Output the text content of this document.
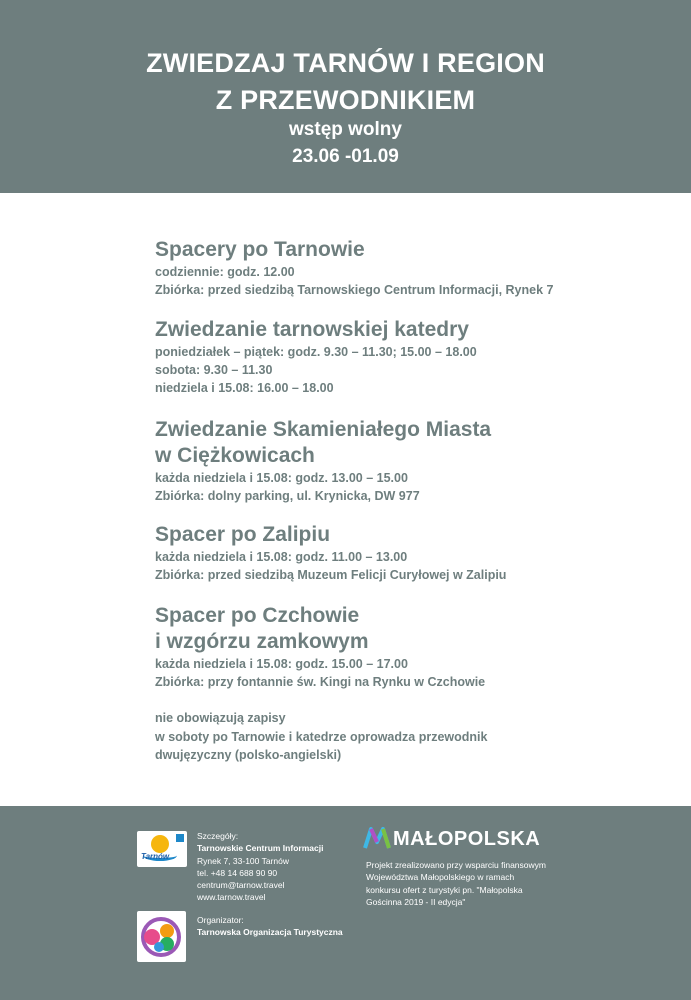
ZWIEDZAJ TARNÓW I REGION
Z PRZEWODNIKIEM
wstęp wolny
23.06 -01.09
Spacery po Tarnowie
codziennie: godz. 12.00
Zbiórka: przed siedzibą Tarnowskiego Centrum Informacji, Rynek 7
Zwiedzanie tarnowskiej katedry
poniedziałek – piątek: godz. 9.30 – 11.30; 15.00 – 18.00
sobota: 9.30 – 11.30
niedziela i 15.08: 16.00 – 18.00
Zwiedzanie Skamieniałego Miasta
w Ciężkowicach
każda niedziela i 15.08: godz. 13.00 – 15.00
Zbiórka: dolny parking, ul. Krynicka, DW 977
Spacer po Zalipiu
każda niedziela i 15.08: godz. 11.00 – 13.00
Zbiórka: przed siedzibą Muzeum Felicji Curyłowej w Zalipiu
Spacer po Czchowie
i wzgórzu zamkowym
każda niedziela i 15.08: godz. 15.00 – 17.00
Zbiórka: przy fontannie św. Kingi na Rynku w Czchowie
nie obowiązują zapisy
w soboty po Tarnowie i katedrze oprowadza przewodnik
dwujęzyczny (polsko-angielski)
Tarnów
Szczegóły:
Tarnowskie Centrum Informacji
Rynek 7, 33-100 Tarnów
tel. +48 14 688 90 90
centrum@tarnow.travel
www.tarnow.travel
Organizator:
Tarnowska Organizacja Turystyczna
MAŁOPOLSKA
Projekt zrealizowano przy wsparciu finansowym
Województwa Małopolskiego w ramach
konkursu ofert z turystyki pn. "Małopolska
Gościnna 2019 - II edycja"
